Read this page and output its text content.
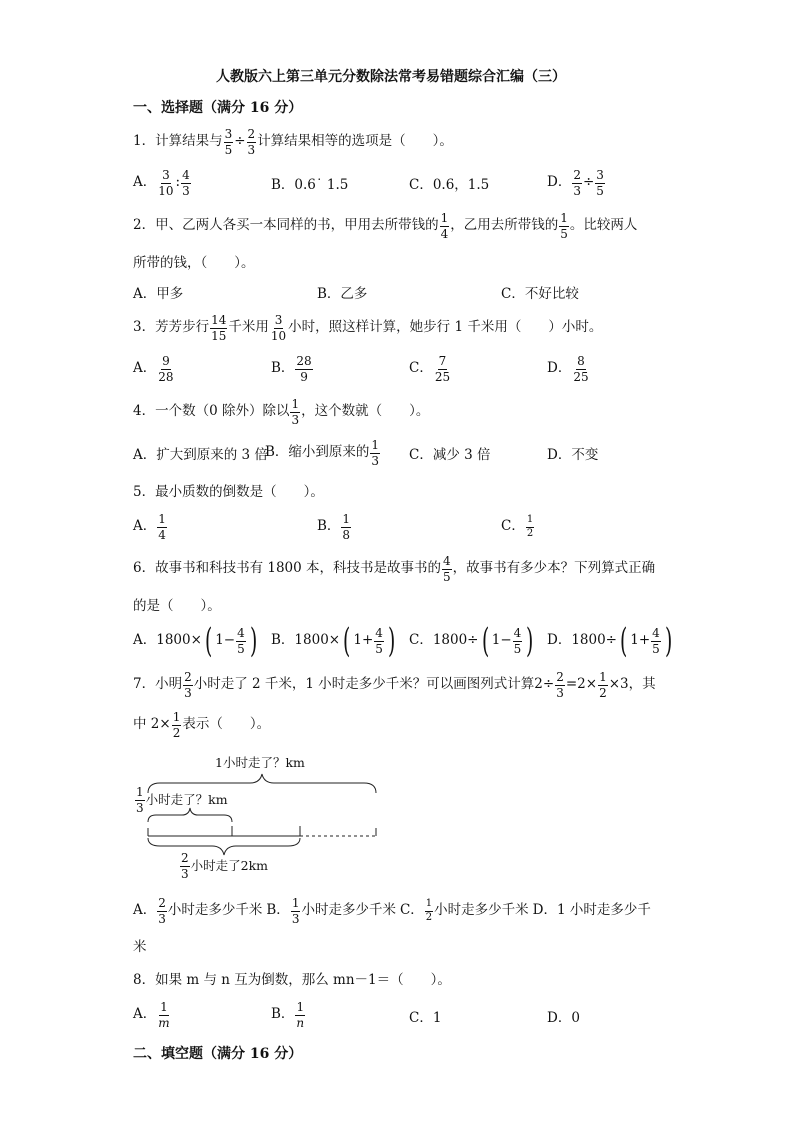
人教版六上第三单元分数除法常考易错题综合汇编（三）
一、选择题（满分 16 分）
1．计算结果与 $\frac{3}{5} \div \frac{2}{3}$ 计算结果相等的选项是（　　）。
A． $\frac{3}{10}$ : $\frac{4}{3}$	B．0.6˙ 1.5	C．0.6，1.5	D． $\frac{2}{3} \div \frac{3}{5}$
2．甲、乙两人各买一本同样的书，甲用去所带钱的 $\frac{1}{4}$ ，乙用去所带钱的 $\frac{1}{5}$ 。比较两人
所带的钱，（　　）。
A．甲多	B．乙多	C．不好比较
3．芳芳步行 $\frac{14}{15}$ 千米用 $\frac{3}{10}$ 小时，照这样计算，她步行 1 千米用（　　）小时。
A． $\frac{9}{28}$	B． $\frac{28}{9}$	C． $\frac{7}{25}$	D． $\frac{8}{25}$
4．一个数（0 除外）除以 $\frac{1}{3}$ ，这个数就（　　）。
A．扩大到原来的 3 倍
B．缩小到原来的 $\frac{1}{3}$ C．减少 3 倍	D．不变
5．最小质数的倒数是（　　）。
A． $\frac{1}{4}$	B． $\frac{1}{8}$	C． $\frac{1}{2}$
6．故事书和科技书有 1800 本，科技书是故事书的 $\frac{4}{5}$ ，故事书有多少本？下列算式正确
的是（　　）。
A．1800× ( $1- \frac{4}{5}$ ) B．1800× ( $1+ \frac{4}{5}$ ) C．1800÷ ( $1- \frac{4}{5}$ ) D．1800÷ ( $1+ \frac{4}{5}$ )
7．小明 $\frac{2}{3}$ 小时走了 2 千米，1 小时走多少千米？可以画图列式计算 $2\div \frac{2}{3} =2\times \frac{1}{2} \times 3$，其
中 $2\times \frac{1}{2}$ 表示（　　）。
1小时走了？km
$\frac{1}{3}$ 小时走了？km
$\frac{2}{3}$ 小时走了2km
A． $\frac{2}{3}$ 小时走多少千米 B． $\frac{1}{3}$ 小时走多少千米 C． $\frac{1}{2}$ 小时走多少千米 D．1 小时走多少千
米
8．如果 m 与 n 互为倒数，那么 mn－1＝（　　）。
A． $\frac{1}{m}$	B． $\frac{1}{n}$	C．1	D．0
二、填空题（满分 16 分）
